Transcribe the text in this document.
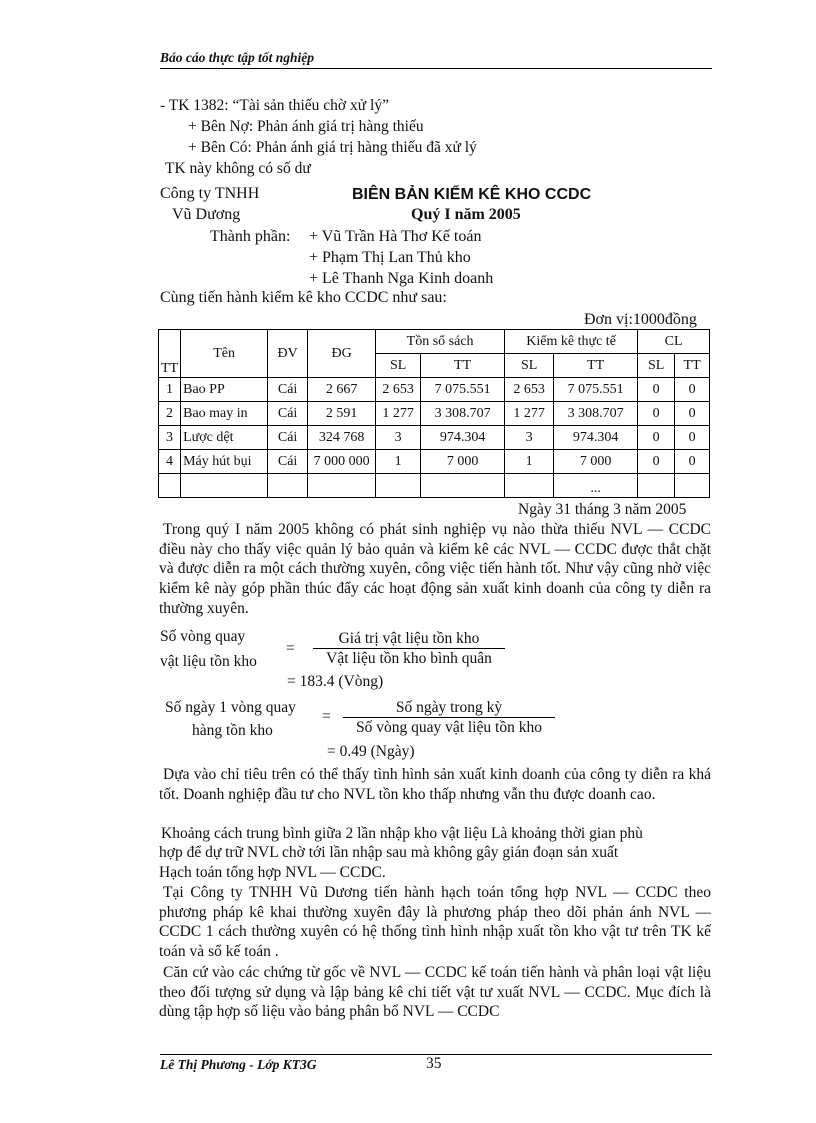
Báo cáo thực tập tốt nghiệp
- TK 1382: “Tài sản thiếu chờ xử lý”
+ Bên Nợ: Phản ánh giá trị hàng thiếu
+ Bên Có: Phản ánh giá trị hàng thiếu đã xử lý
TK này không có số dư
Công ty TNHH	BIÊN BẢN KIỂM KÊ KHO CCDC
Vũ Dương	Quý I năm 2005
Thành phần: + Vũ Trần Hà Thơ Kế toán
+ Phạm Thị Lan Thủ kho
+ Lê Thanh Nga Kinh doanh
Cùng tiến hành kiểm kê kho CCDC như sau:
Đơn vị:1000đồng
TT	Tên	ĐV	ĐG	Tồn sổ sách		Kiểm kê thực tế		CL	
				SL	TT	SL	TT	SL	TT
1	Bao PP	Cái	2 667	2 653	7 075.551	2 653	7 075.551	0	0
2	Bao may in	Cái	2 591	1 277	3 308.707	1 277	3 308.707	0	0
3	Lược dệt	Cái	324 768	3	974.304	3	974.304	0	0
4	Máy hút bụi	Cái	7 000 000	1	7 000	1	7 000	0	0
							...		
Ngày 31 tháng 3 năm 2005
Trong quý I năm 2005 không có phát sinh nghiệp vụ nào thừa thiếu NVL — CCDC điều này cho thấy việc quản lý bảo quản và kiểm kê các NVL — CCDC được thắt chặt và được diễn ra một cách thường xuyên, công việc tiến hành tốt. Như vậy cũng nhờ việc kiểm kê này góp phần thúc đẩy các hoạt động sản xuất kinh doanh của công ty diễn ra thường xuyên.
Số vòng quay
vật liệu tồn kho
=
Giá trị vật liệu tồn kho
Vật liệu tồn kho bình quân
= 183.4 (Vòng)
Số ngày 1 vòng quay
hàng tồn kho
=
Số ngày trong kỳ
Số vòng quay vật liệu tồn kho
= 0.49 (Ngày)
Dựa vào chỉ tiêu trên có thể thấy tình hình sản xuất kinh doanh của công ty diễn ra khá tốt. Doanh nghiệp đầu tư cho NVL tồn kho thấp nhưng vẫn thu được doanh cao.
Khoảng cách trung bình giữa 2 lần nhập kho vật liệu Là khoảng thời gian phù
hợp để dự trữ NVL chờ tới lần nhập sau mà không gây gián đoạn sản xuất
Hạch toán tổng hợp NVL — CCDC.
Tại Công ty TNHH Vũ Dương tiến hành hạch toán tổng hợp NVL — CCDC theo phương pháp kê khai thường xuyên đây là phương pháp theo dõi phản ánh NVL — CCDC 1 cách thường xuyên có hệ thống tình hình nhập xuất tồn kho vật tư trên TK kế toán và sổ kế toán .
Căn cứ vào các chứng từ gốc về NVL — CCDC kế toán tiến hành và phân loại vật liệu theo đối tượng sử dụng và lập bảng kê chi tiết vật tư xuất NVL — CCDC. Mục đích là dùng tập hợp số liệu vào bảng phân bổ NVL — CCDC
Lê Thị Phương - Lớp KT3G	35
